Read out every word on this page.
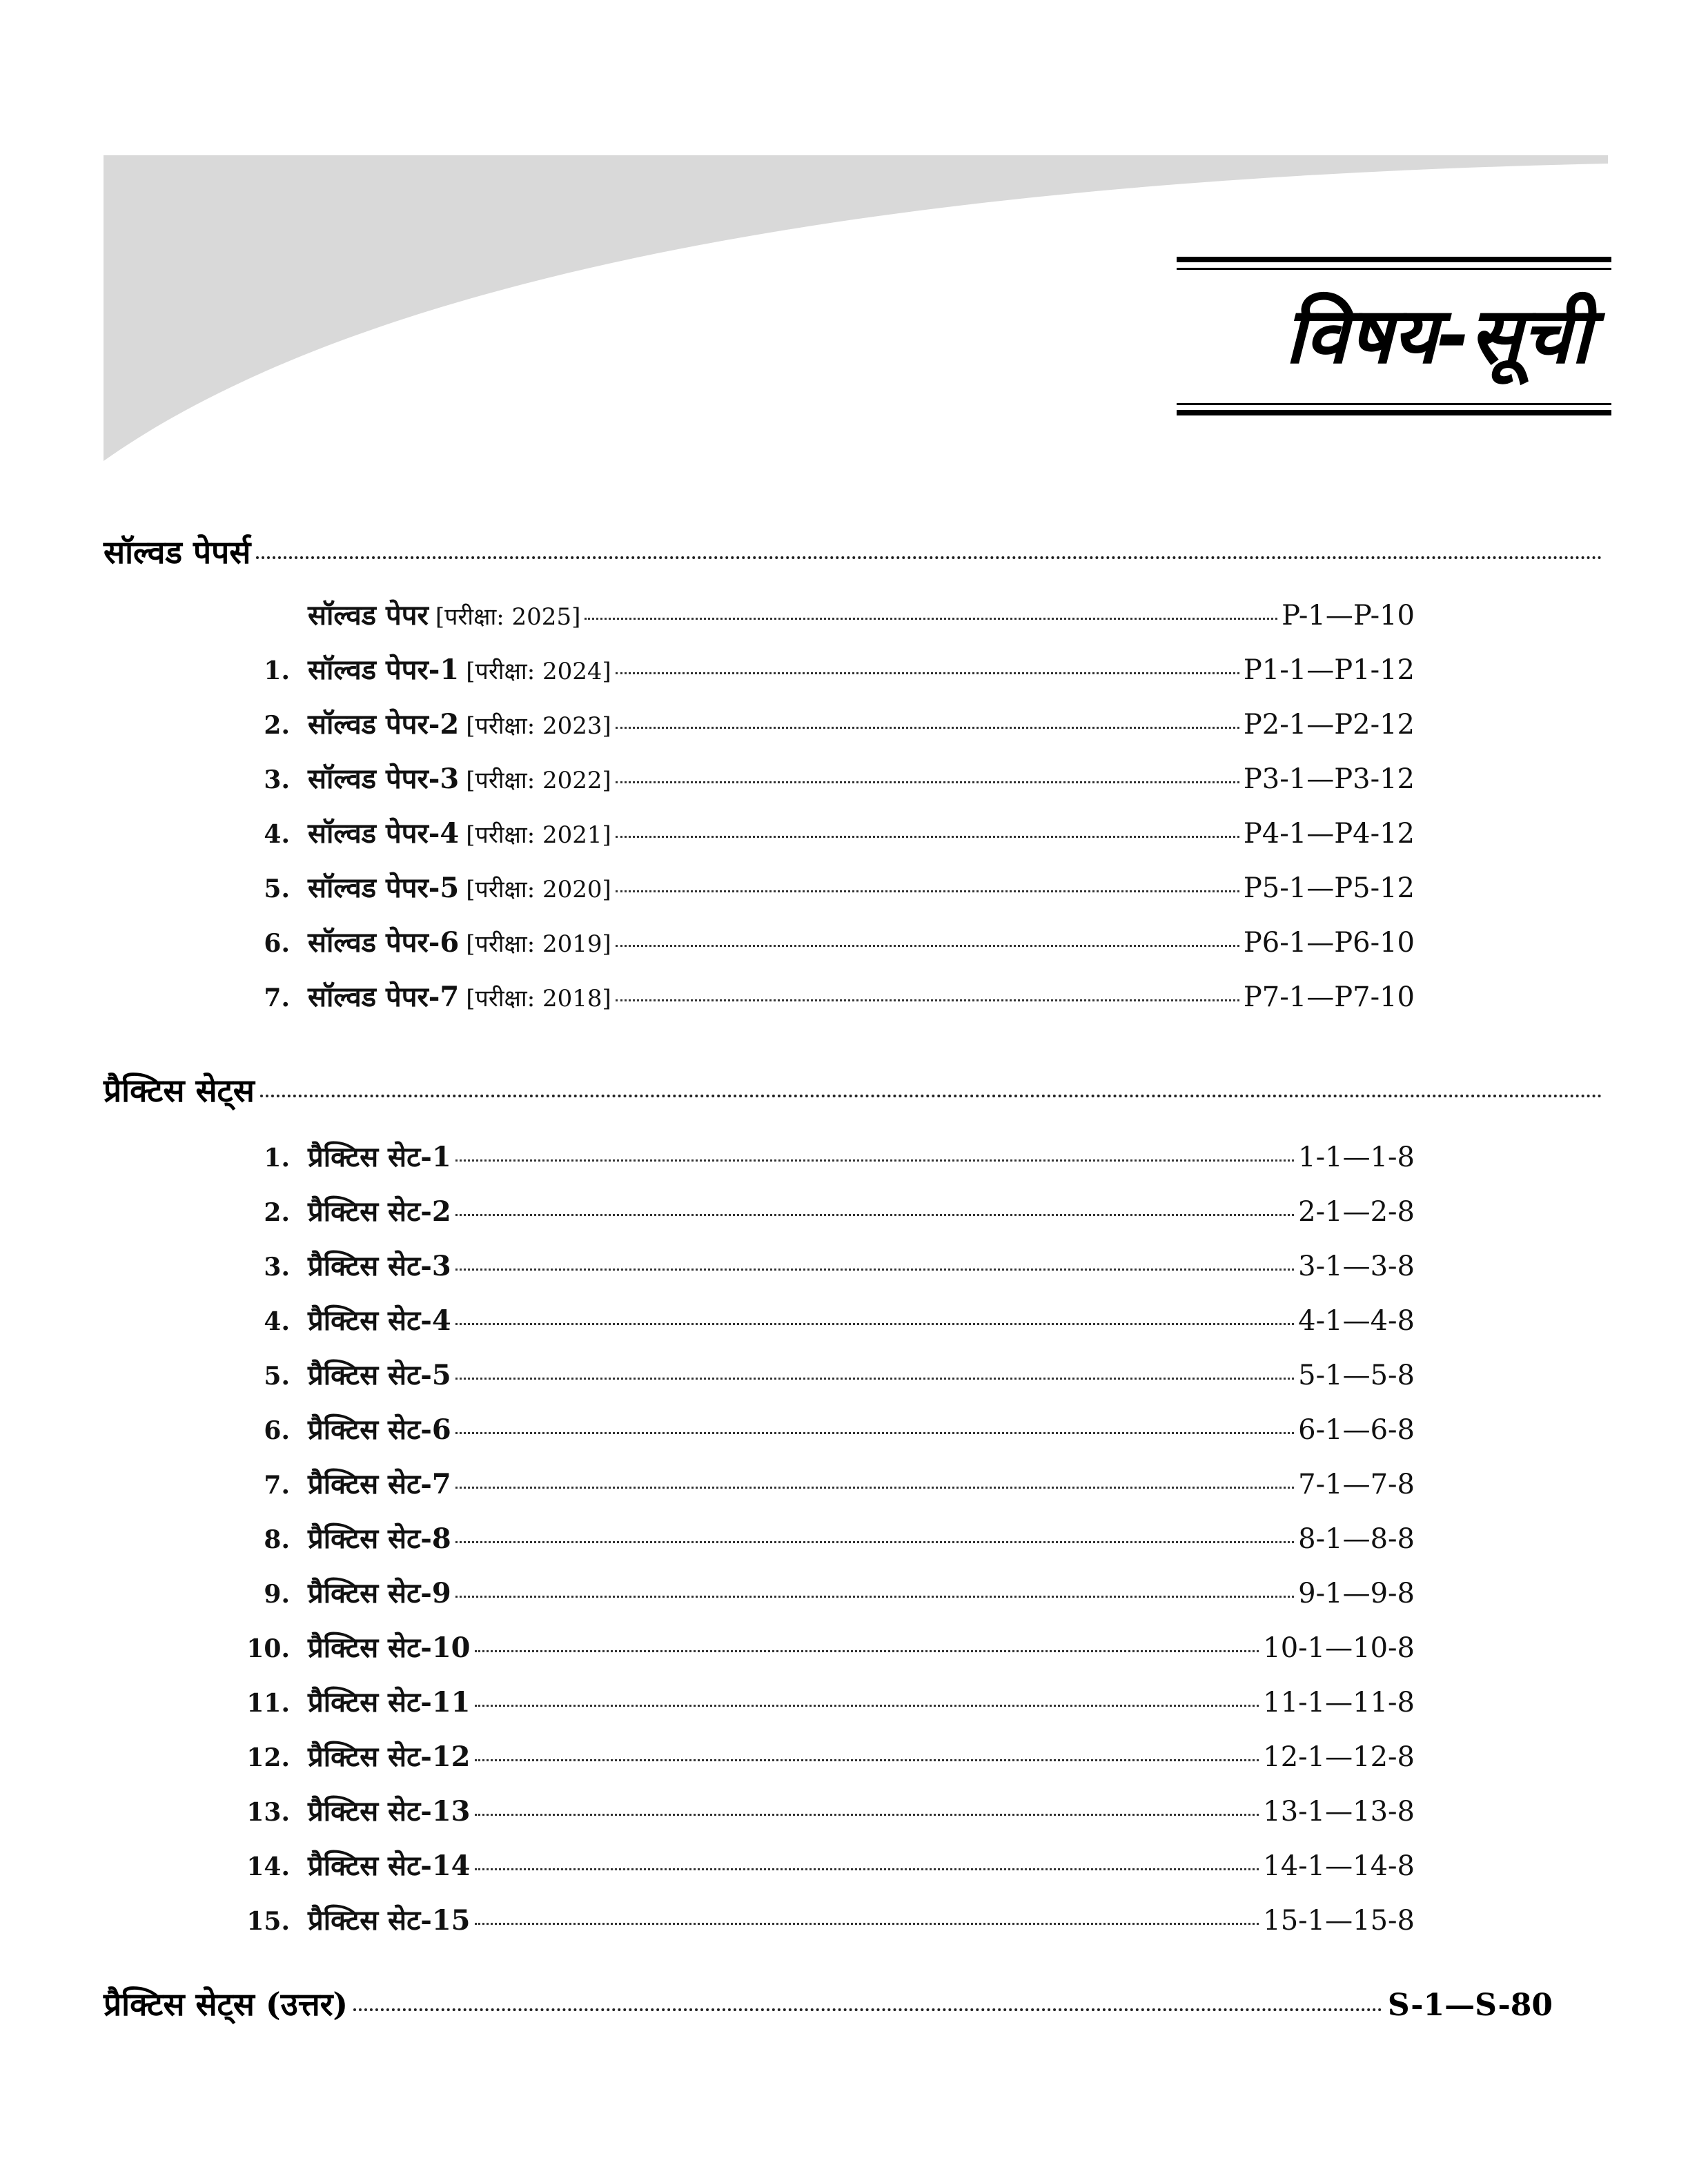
विषय-सूची
सॉल्वड पेपर्स
सॉल्वड पेपर [परीक्षा: 2025]	P-1—P-10
1. सॉल्वड पेपर-1 [परीक्षा: 2024]	P1-1—P1-12
2. सॉल्वड पेपर-2 [परीक्षा: 2023]	P2-1—P2-12
3. सॉल्वड पेपर-3 [परीक्षा: 2022]	P3-1—P3-12
4. सॉल्वड पेपर-4 [परीक्षा: 2021]	P4-1—P4-12
5. सॉल्वड पेपर-5 [परीक्षा: 2020]	P5-1—P5-12
6. सॉल्वड पेपर-6 [परीक्षा: 2019]	P6-1—P6-10
7. सॉल्वड पेपर-7 [परीक्षा: 2018]	P7-1—P7-10
प्रैक्टिस सेट्स
1. प्रैक्टिस सेट-1	1-1—1-8
2. प्रैक्टिस सेट-2	2-1—2-8
3. प्रैक्टिस सेट-3	3-1—3-8
4. प्रैक्टिस सेट-4	4-1—4-8
5. प्रैक्टिस सेट-5	5-1—5-8
6. प्रैक्टिस सेट-6	6-1—6-8
7. प्रैक्टिस सेट-7	7-1—7-8
8. प्रैक्टिस सेट-8	8-1—8-8
9. प्रैक्टिस सेट-9	9-1—9-8
10. प्रैक्टिस सेट-10	10-1—10-8
11. प्रैक्टिस सेट-11	11-1—11-8
12. प्रैक्टिस सेट-12	12-1—12-8
13. प्रैक्टिस सेट-13	13-1—13-8
14. प्रैक्टिस सेट-14	14-1—14-8
15. प्रैक्टिस सेट-15	15-1—15-8
प्रैक्टिस सेट्स (उत्तर)	S-1—S-80
